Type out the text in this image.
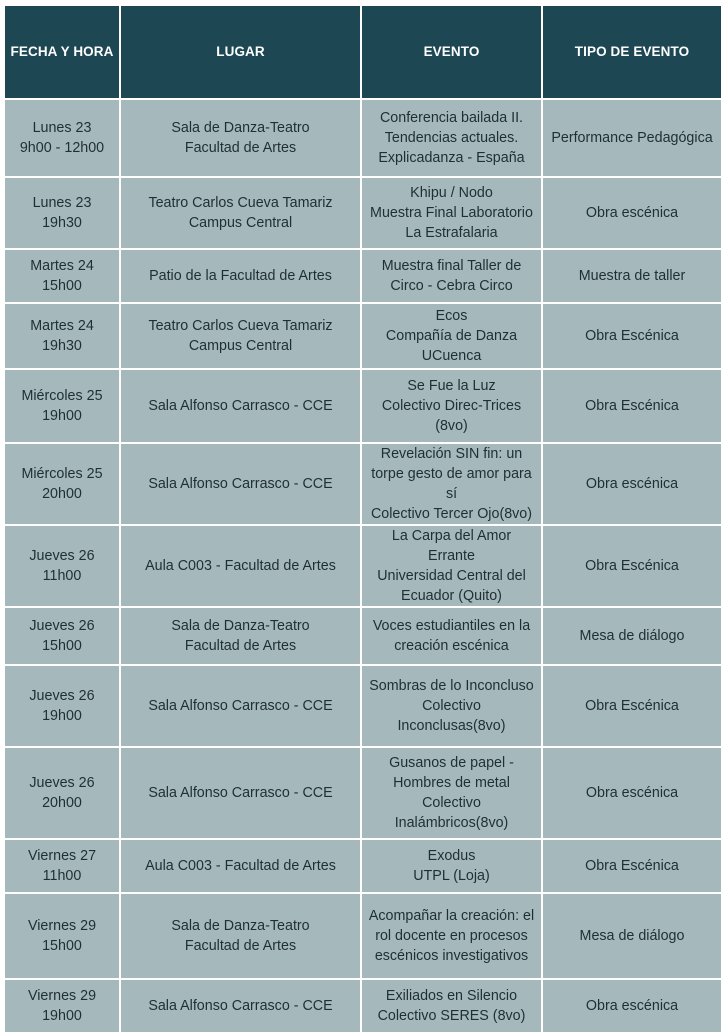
FECHA Y HORA	LUGAR	EVENTO	TIPO DE EVENTO

Lunes 23
9h00 - 12h00	Sala de Danza-Teatro
Facultad de Artes	Conferencia bailada II.
Tendencias actuales.
Explicadanza - España	Performance Pedagógica

Lunes 23
19h30	Teatro Carlos Cueva Tamariz
Campus Central	Khipu / Nodo
Muestra Final Laboratorio
La Estrafalaria	Obra escénica

Martes 24
15h00	Patio de la Facultad de Artes	Muestra final Taller de
Circo - Cebra Circo	Muestra de taller

Martes 24
19h30	Teatro Carlos Cueva Tamariz
Campus Central	Ecos
Compañía de Danza
UCuenca	Obra Escénica

Miércoles 25
19h00	Sala Alfonso Carrasco - CCE	Se Fue la Luz
Colectivo Direc-Trices (8vo)	Obra Escénica

Miércoles 25
20h00	Sala Alfonso Carrasco - CCE	Revelación SIN fin: un
torpe gesto de amor para sí
Colectivo Tercer Ojo(8vo)	Obra escénica

Jueves 26
11h00	Aula C003 - Facultad de Artes	La Carpa del Amor Errante
Universidad Central del
Ecuador (Quito)	Obra Escénica

Jueves 26
15h00	Sala de Danza-Teatro
Facultad de Artes	Voces estudiantiles en la
creación escénica	Mesa de diálogo

Jueves 26
19h00	Sala Alfonso Carrasco - CCE	Sombras de lo Inconcluso
Colectivo Inconclusas(8vo)	Obra Escénica

Jueves 26
20h00	Sala Alfonso Carrasco - CCE	Gusanos de papel -
Hombres de metal
Colectivo
Inalámbricos(8vo)	Obra escénica

Viernes 27
11h00	Aula C003 - Facultad de Artes	Exodus
UTPL (Loja)	Obra Escénica

Viernes 29
15h00	Sala de Danza-Teatro
Facultad de Artes	Acompañar la creación: el
rol docente en procesos
escénicos investigativos	Mesa de diálogo

Viernes 29
19h00	Sala Alfonso Carrasco - CCE	Exiliados en Silencio
Colectivo SERES (8vo)	Obra escénica
